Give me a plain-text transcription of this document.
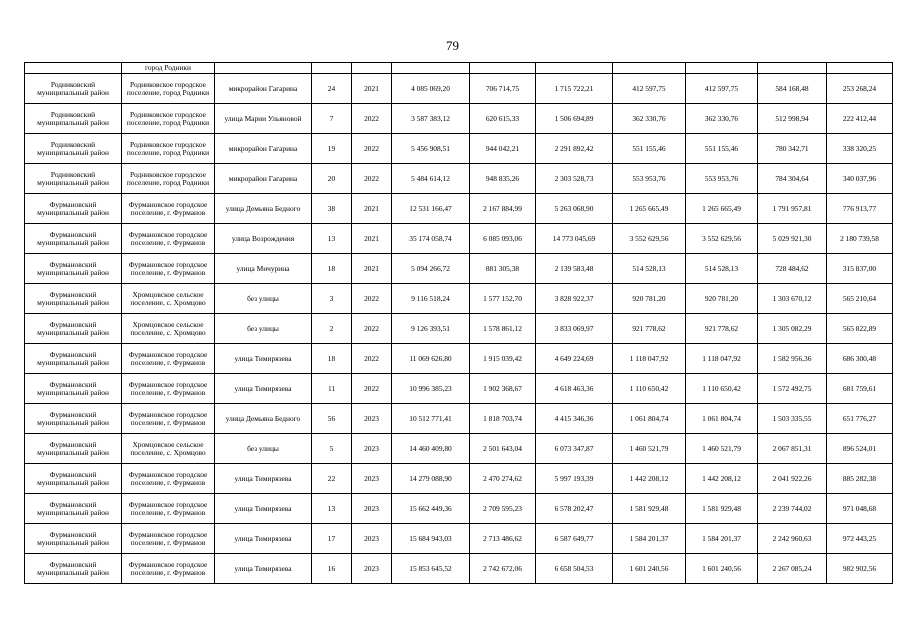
79
	город Родники										
Родниковский муниципальный район	Родниковское городское поселение, город Родники	микрорайон Гагарина	24	2021	4 085 069,20	706 714,75	1 715 722,21	412 597,75	412 597,75	584 168,48	253 268,24
Родниковский муниципальный район	Родниковское городское поселение, город Родники	улица Марии Ульяновой	7	2022	3 587 383,12	620 615,33	1 506 694,89	362 330,76	362 330,76	512 998,94	222 412,44
Родниковский муниципальный район	Родниковское городское поселение, город Родники	микрорайон Гагарина	19	2022	5 456 908,51	944 042,21	2 291 892,42	551 155,46	551 155,46	780 342,71	338 320,25
Родниковский муниципальный район	Родниковское городское поселение, город Родники	микрорайон Гагарина	20	2022	5 484 614,12	948 835,26	2 303 528,73	553 953,76	553 953,76	784 304,64	340 037,96
Фурмановский муниципальный район	Фурмановское городское поселение, г. Фурманов	улица Демьяна Бедного	38	2021	12 531 166,47	2 167 884,99	5 263 068,90	1 265 665,49	1 265 665,49	1 791 957,81	776 913,77
Фурмановский муниципальный район	Фурмановское городское поселение, г. Фурманов	улица Возрождения	13	2021	35 174 058,74	6 085 093,06	14 773 045,69	3 552 629,56	3 552 629,56	5 029 921,30	2 180 739,58
Фурмановский муниципальный район	Фурмановское городское поселение, г. Фурманов	улица Мичурина	18	2021	5 094 266,72	881 305,38	2 139 583,48	514 528,13	514 528,13	728 484,62	315 837,00
Фурмановский муниципальный район	Хромцовское сельское поселение, с. Хромцово	без улицы	3	2022	9 116 518,24	1 577 152,70	3 828 922,37	920 781,20	920 781,20	1 303 670,12	565 210,64
Фурмановский муниципальный район	Хромцовское сельское поселение, с. Хромцово	без улицы	2	2022	9 126 393,51	1 578 861,12	3 833 069,97	921 778,62	921 778,62	1 305 082,29	565 822,89
Фурмановский муниципальный район	Фурмановское городское поселение, г. Фурманов	улица Тимирязева	18	2022	11 069 626,80	1 915 039,42	4 649 224,69	1 118 047,92	1 118 047,92	1 582 956,36	686 300,48
Фурмановский муниципальный район	Фурмановское городское поселение, г. Фурманов	улица Тимирязева	11	2022	10 996 385,23	1 902 368,67	4 618 463,36	1 110 650,42	1 110 650,42	1 572 492,75	681 759,61
Фурмановский муниципальный район	Фурмановское городское поселение, г. Фурманов	улица Демьяна Бедного	56	2023	10 512 771,41	1 818 703,74	4 415 346,36	1 061 804,74	1 061 804,74	1 503 335,55	651 776,27
Фурмановский муниципальный район	Хромцовское сельское поселение, с. Хромцово	без улицы	5	2023	14 460 409,80	2 501 643,04	6 073 347,87	1 460 521,79	1 460 521,79	2 067 851,31	896 524,01
Фурмановский муниципальный район	Фурмановское городское поселение, г. Фурманов	улица Тимирязева	22	2023	14 279 088,90	2 470 274,62	5 997 193,39	1 442 208,12	1 442 208,12	2 041 922,26	885 282,38
Фурмановский муниципальный район	Фурмановское городское поселение, г. Фурманов	улица Тимирязева	13	2023	15 662 449,36	2 709 595,23	6 578 202,47	1 581 929,48	1 581 929,48	2 239 744,02	971 048,68
Фурмановский муниципальный район	Фурмановское городское поселение, г. Фурманов	улица Тимирязева	17	2023	15 684 943,03	2 713 486,62	6 587 649,77	1 584 201,37	1 584 201,37	2 242 960,63	972 443,25
Фурмановский муниципальный район	Фурмановское городское поселение, г. Фурманов	улица Тимирязева	16	2023	15 853 645,52	2 742 672,06	6 658 504,53	1 601 240,56	1 601 240,56	2 267 085,24	982 902,56
